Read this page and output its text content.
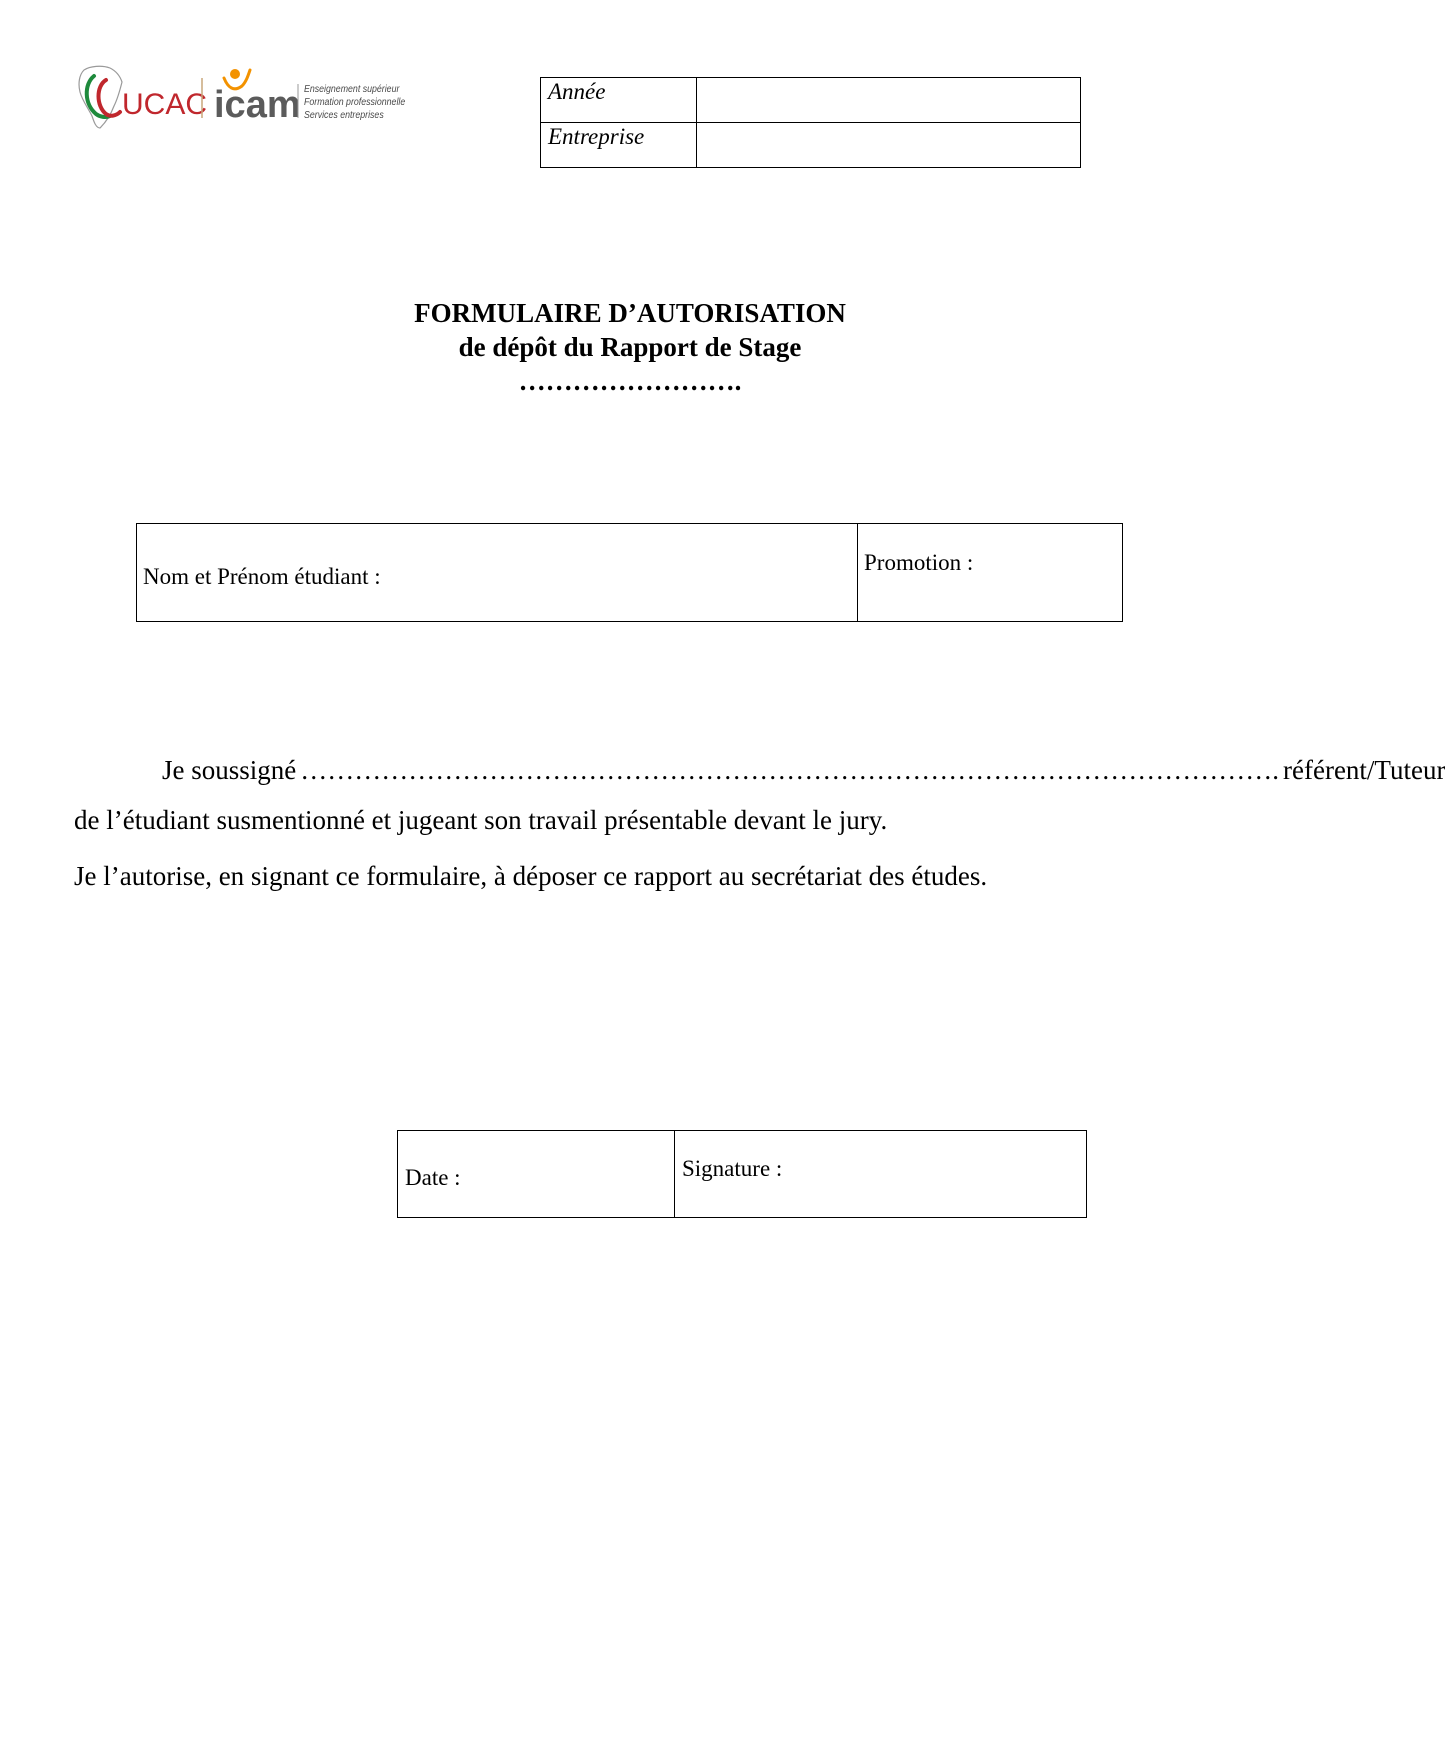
UCAC icam Enseignement supérieur
Formation professionnelle
Services entreprises
Année	
Entreprise	
FORMULAIRE D’AUTORISATION
de dépôt du Rapport de Stage
…………………….
Nom et Prénom étudiant :	Promotion :
Je soussigné ………………………………………………………………………………………………. référent/Tuteur
de l’étudiant susmentionné et jugeant son travail présentable devant le jury.
Je l’autorise, en signant ce formulaire, à déposer ce rapport au secrétariat des études.
Date :	Signature :
